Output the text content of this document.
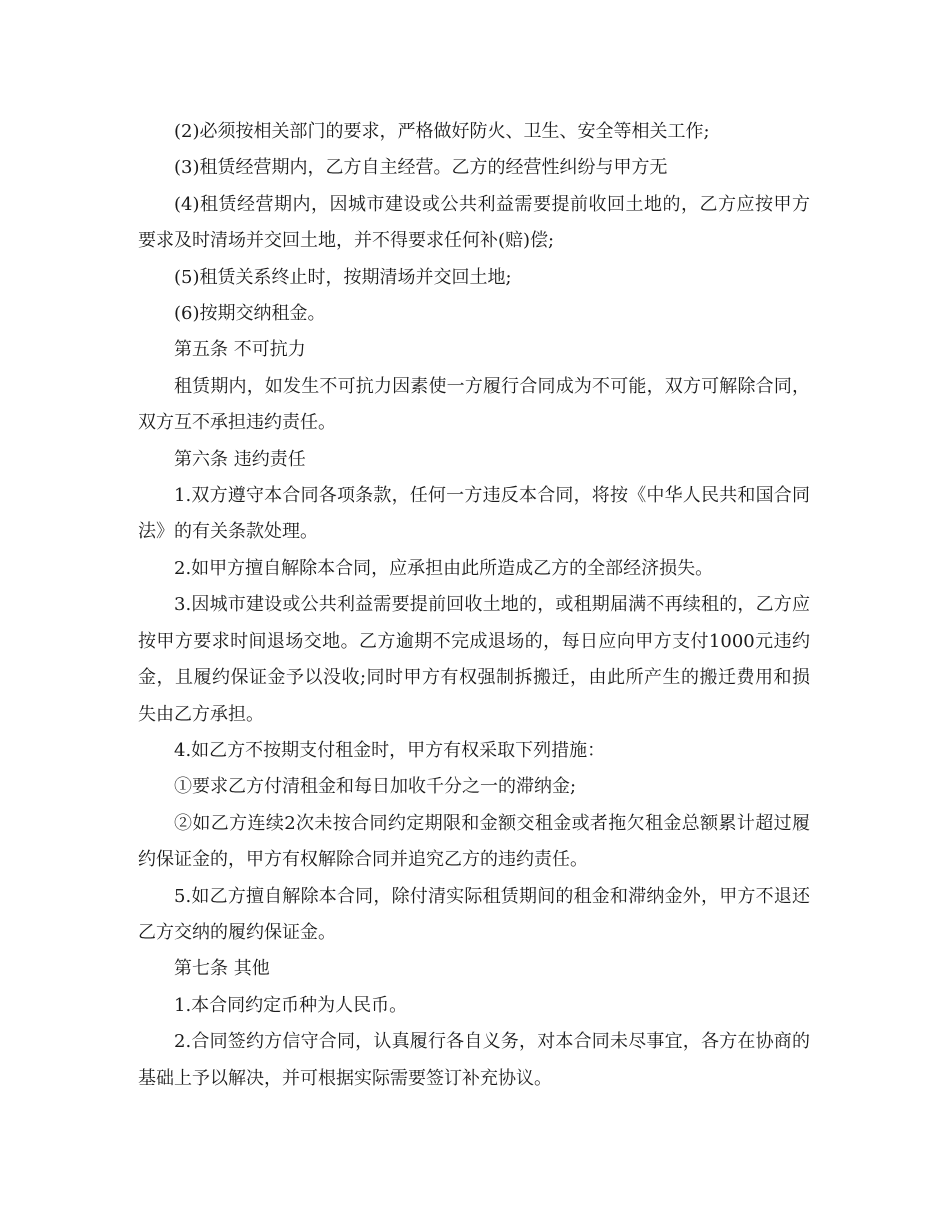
(2)必须按相关部门的要求，严格做好防火、卫生、安全等相关工作;

(3)租赁经营期内，乙方自主经营。乙方的经营性纠纷与甲方无

(4)租赁经营期内，因城市建设或公共利益需要提前收回土地的，乙方应按甲方要求及时清场并交回土地，并不得要求任何补(赔)偿;

(5)租赁关系终止时，按期清场并交回土地;

(6)按期交纳租金。

第五条 不可抗力

租赁期内，如发生不可抗力因素使一方履行合同成为不可能，双方可解除合同，双方互不承担违约责任。

第六条 违约责任

1.双方遵守本合同各项条款，任何一方违反本合同，将按《中华人民共和国合同法》的有关条款处理。

2.如甲方擅自解除本合同，应承担由此所造成乙方的全部经济损失。

3.因城市建设或公共利益需要提前回收土地的，或租期届满不再续租的，乙方应按甲方要求时间退场交地。乙方逾期不完成退场的，每日应向甲方支付1000元违约金，且履约保证金予以没收;同时甲方有权强制拆搬迁，由此所产生的搬迁费用和损失由乙方承担。

4.如乙方不按期支付租金时，甲方有权采取下列措施：

①要求乙方付清租金和每日加收千分之一的滞纳金;

②如乙方连续2次未按合同约定期限和金额交租金或者拖欠租金总额累计超过履约保证金的，甲方有权解除合同并追究乙方的违约责任。

5.如乙方擅自解除本合同，除付清实际租赁期间的租金和滞纳金外，甲方不退还乙方交纳的履约保证金。

第七条 其他

1.本合同约定币种为人民币。

2.合同签约方信守合同，认真履行各自义务，对本合同未尽事宜，各方在协商的基础上予以解决，并可根据实际需要签订补充协议。
